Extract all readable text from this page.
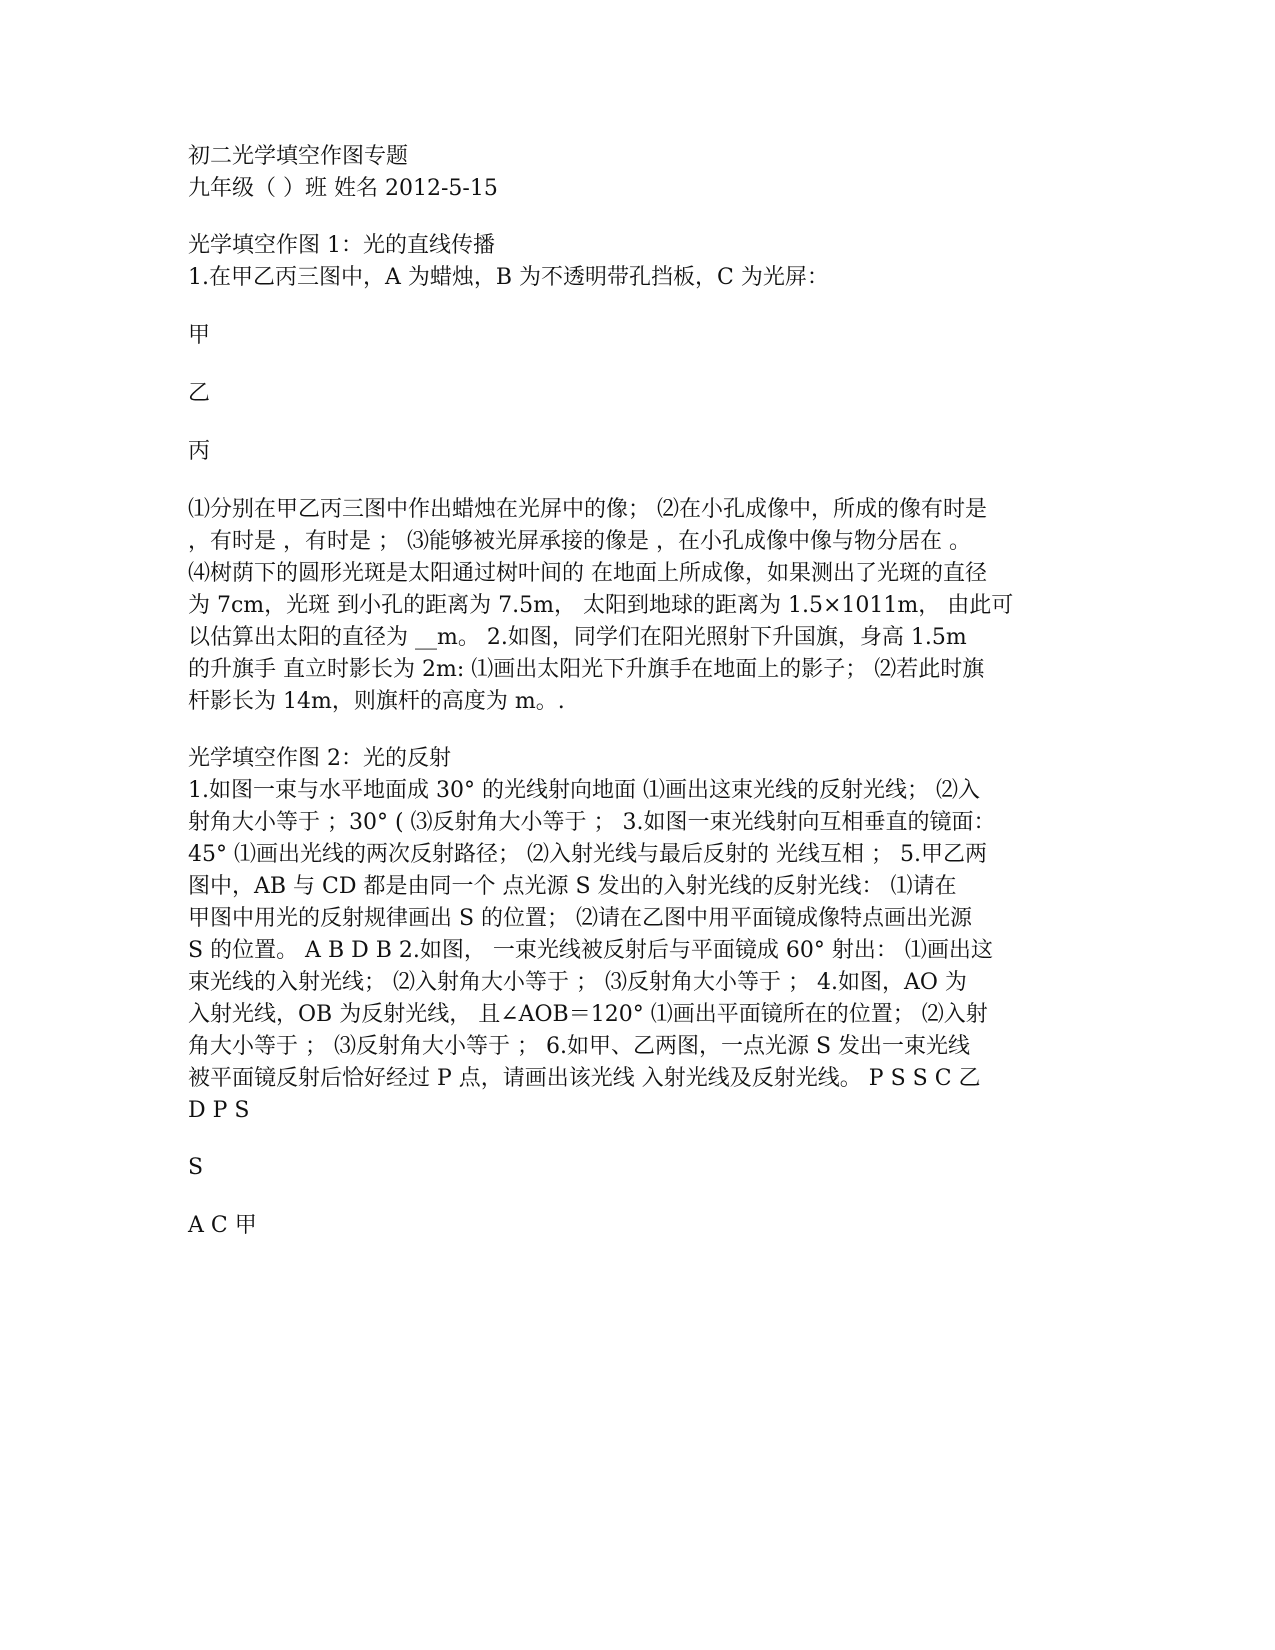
初二光学填空作图专题
九年级（ ）班 姓名 2012-5-15
光学填空作图 1：光的直线传播
1.在甲乙丙三图中，A 为蜡烛，B 为不透明带孔挡板，C 为光屏：
甲
乙
丙
⑴分别在甲乙丙三图中作出蜡烛在光屏中的像； ⑵在小孔成像中，所成的像有时是
，有时是 ，有时是 ； ⑶能够被光屏承接的像是 ，在小孔成像中像与物分居在 。
⑷树荫下的圆形光斑是太阳通过树叶间的 在地面上所成像，如果测出了光斑的直径
为 7cm，光斑 到小孔的距离为 7.5m， 太阳到地球的距离为 1.5×1011m， 由此可
以估算出太阳的直径为 __m。 2.如图，同学们在阳光照射下升国旗，身高 1.5m
的升旗手 直立时影长为 2m: ⑴画出太阳光下升旗手在地面上的影子； ⑵若此时旗
杆影长为 14m，则旗杆的高度为 m。.
光学填空作图 2：光的反射
1.如图一束与水平地面成 30° 的光线射向地面 ⑴画出这束光线的反射光线； ⑵入
射角大小等于 ；30° ( ⑶反射角大小等于 ； 3.如图一束光线射向互相垂直的镜面：
45° ⑴画出光线的两次反射路径； ⑵入射光线与最后反射的 光线互相 ； 5.甲乙两
图中，AB 与 CD 都是由同一个 点光源 S 发出的入射光线的反射光线： ⑴请在
甲图中用光的反射规律画出 S 的位置； ⑵请在乙图中用平面镜成像特点画出光源
S 的位置。 A B D B 2.如图， 一束光线被反射后与平面镜成 60° 射出： ⑴画出这
束光线的入射光线； ⑵入射角大小等于 ； ⑶反射角大小等于 ； 4.如图，AO 为
入射光线，OB 为反射光线， 且∠AOB＝120° ⑴画出平面镜所在的位置； ⑵入射
角大小等于 ； ⑶反射角大小等于 ； 6.如甲、乙两图，一点光源 S 发出一束光线
被平面镜反射后恰好经过 P 点，请画出该光线 入射光线及反射光线。 P S S C 乙
D P S
S
A C 甲
